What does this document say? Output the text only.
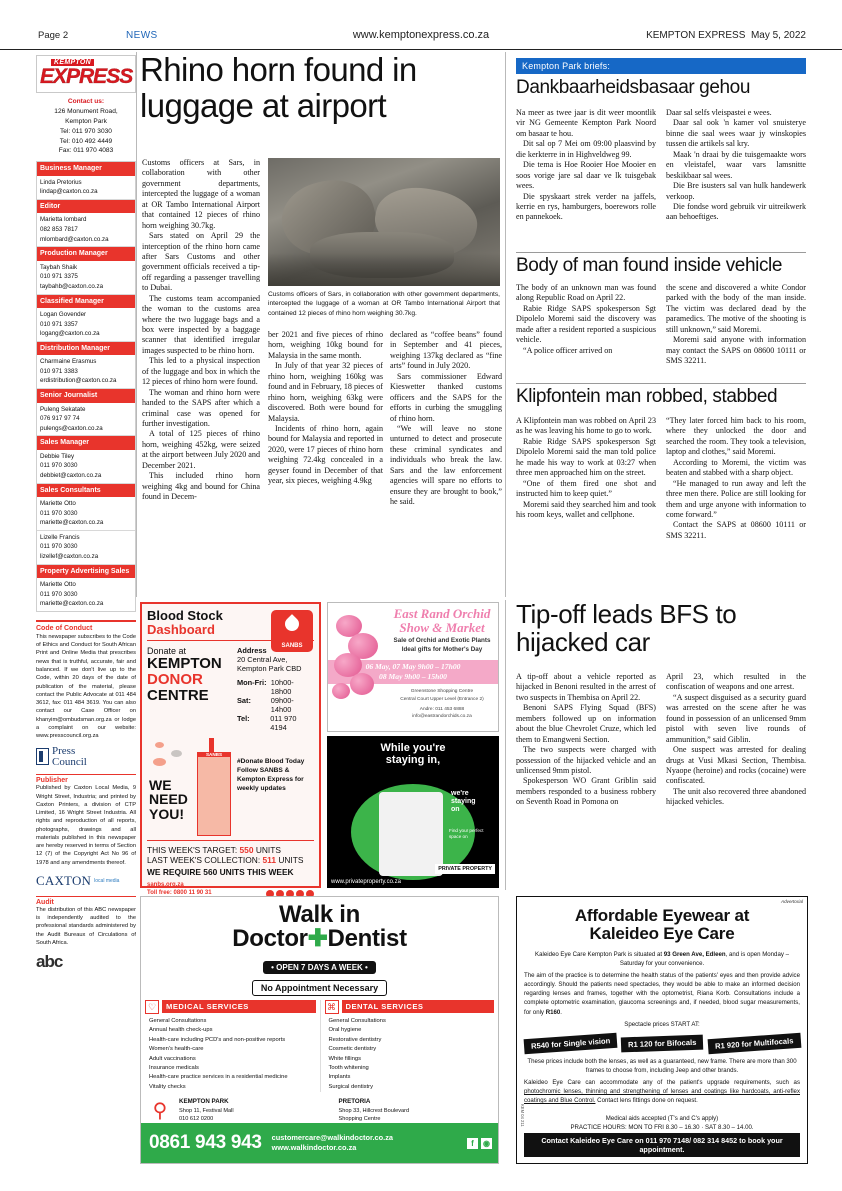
Page 2	NEWS	www.kemptonexpress.co.za	KEMPTON EXPRESS May 5, 2022
KEMPTON
EXPRESS
Contact us:
126 Monument Road,
Kempton Park
Tel: 011 970 3030
Tel: 010 492 4449
Fax: 011 970 4083
Business Manager
Linda Pretorius
lindap@caxton.co.za
Editor
Marietta lombard
082 853 7817
mlombard@caxton.co.za
Production Manager
Taybah Shaik
010 971 3375
taybahb@caxton.co.za
Classified Manager
Logan Govender
010 971 3357
logang@caxton.co.za
Distribution Manager
Charmaine Erasmus
010 971 3383
erdistribution@caxton.co.za
Senior Journalist
Puleng Sekatate
076 917 97 74
pulengs@caxton.co.za
Sales Manager
Debbie Tiley
011 970 3030
debbiet@caxton.co.za
Sales Consultants
Mariette Otto
011 970 3030
mariette@caxton.co.za
Lizelle Francis
011 970 3030
lizellef@caxton.co.za
Property Advertising Sales
Mariette Otto
011 970 3030
mariette@caxton.co.za
Code of Conduct
This newspaper subscribes to the Code of Ethics and Conduct for South African Print and Online Media that prescribes news that is truthful, accurate, fair and balanced. If we don't live up to the Code, within 20 days of the date of publication of the material, please contact the Public Advocate at 011 484 3612, fax: 011 484 3619. You can also contact our Case Officer on khanyim@ombudsman.org.za or lodge a complaint on our website: www.presscouncil.org.za
Press
Council
Publisher
Published by Caxton Local Media, 9 Wright Street, Industria; and printed by Caxton Printers, a division of CTP Limited, 16 Wright Street Industria. All rights and reproduction of all reports, photographs, drawings and all materials published in this newspaper are hereby reserved in terms of Section 12 (7) of the Copyright Act No 96 of 1978 and any amendments thereof.
CAXTON local media
Audit
The distribution of this ABC newspaper is independently audited to the professional standards administered by the Audit Bureaux of Circulations of South Africa.
abc
Rhino horn found in luggage at airport

Customs officers at Sars, in collaboration with other government departments, intercepted the luggage of a woman at OR Tambo International Airport that contained 12 pieces of rhino horn weighing 30.7kg.

Sars stated on April 29 the interception of the rhino horn came after Sars Customs and other government officials received a tip-off regarding a passenger travelling to Dubai.

The customs team accompanied the woman to the customs area where the two luggage bags and a box were inspected by a baggage scanner that identified irregular images suspected to be rhino horn.

This led to a physical inspection of the luggage and box in which the 12 pieces of rhino horn were found.

The woman and rhino horn were handed to the SAPS after which a criminal case was opened for further investigation.

A total of 125 pieces of rhino horn, weighing 452kg, were seized at the airport between July 2020 and December 2021.

This included rhino horn weighing 4kg and bound for China found in Decem-

Customs officers of Sars, in collaboration with other government departments, intercepted the luggage of a woman at OR Tambo International Airport that contained 12 pieces of rhino horn weighing 30.7kg.

ber 2021 and five pieces of rhino horn, weighing 10kg bound for Malaysia in the same month.

In July of that year 32 pieces of rhino horn, weighing 160kg was found and in February, 18 pieces of rhino horn, weighing 63kg were discovered. Both were bound for Malaysia.

Incidents of rhino horn, again bound for Malaysia and reported in 2020, were 17 pieces of rhino horn weighing 72.4kg concealed in a geyser found in December of that year, six pieces, weighing 4.9kg

declared as “coffee beans” found in September and 41 pieces, weighing 137kg declared as “fine arts” found in July 2020.

Sars commissioner Edward Kieswetter thanked customs officers and the SAPS for the efforts in curbing the smuggling of rhino horn.

“We will leave no stone unturned to detect and prosecute these criminal syndicates and individuals who break the law. Sars and the law enforcement agencies will spare no efforts to ensure they are brought to book,” he said.

Kempton Park briefs:
Dankbaarheidsbasaar gehou

Na meer as twee jaar is dit weer moontlik vir NG Gemeente Kempton Park Noord om basaar te hou.

Dit sal op 7 Mei om 09:00 plaasvind by die kerkterre in in Highveldweg 99.

Die tema is Hoe Rooier Hoe Mooier en soos vorige jare sal daar ve lk tuisgebak wees.

Die spyskaart strek verder na jaffels, kerrie en rys, hamburgers, boerewors rolle en pannekoek.

Daar sal selfs vleispastei e wees.

Daar sal ook 'n kamer vol snuisterye binne die saal wees waar jy winskopies tussen die artikels sal kry.

Maak 'n draai by die tuisgemaakte wors en vleistafel, waar vars lamsnitte beskikbaar sal wees.

Die Bre isusters sal van hulk handewerk verkoop.

Die fondse word gebruik vir uitreikwerk aan behoeftiges.

Body of man found inside vehicle

The body of an unknown man was found along Republic Road on April 22.

Rabie Ridge SAPS spokesperson Sgt Dipolelo Moremi said the discovery was made after a resident reported a suspicious vehicle.

“A police officer arrived on

the scene and discovered a white Condor parked with the body of the man inside. The victim was declared dead by the paramedics. The motive of the shooting is still unknown,” said Moremi.

Moremi said anyone with information may contact the SAPS on 08600 10111 or SMS 32211.

Klipfontein man robbed, stabbed

A Klipfontein man was robbed on April 23 as he was leaving his home to go to work.

Rabie Ridge SAPS spokesperson Sgt Dipolelo Moremi said the man told police he made his way to work at 03:27 when three men approached him on the street.

“One of them fired one shot and instructed him to keep quiet.”

Moremi said they searched him and took his room keys, wallet and cellphone.

“They later forced him back to his room, where they unlocked the door and searched the room. They took a television, laptop and clothes,” said Moremi.

According to Moremi, the victim was beaten and stabbed with a sharp object.

“He managed to run away and left the three men there. Police are still looking for them and urge anyone with information to come forward.”

Contact the SAPS at 08600 10111 or SMS 32211.

Tip-off leads BFS to hijacked car

A tip-off about a vehicle reported as hijacked in Benoni resulted in the arrest of two suspects in Thembisa on April 22.

Benoni SAPS Flying Squad (BFS) members followed up on information about the blue Chevrolet Cruze, which led them to Emangweni Section.

The two suspects were charged with possession of the hijacked vehicle and an unlicensed 9mm pistol.

Spokesperson WO Grant Griblin said members responded to a business robbery on Seventh Road in Pomona on

April 23, which resulted in the confiscation of weapons and one arrest.

“A suspect disguised as a security guard was arrested on the scene after he was found in possession of an unlicensed 9mm pistol with seven live rounds of ammunition,” said Giblin.

One suspect was arrested for dealing drugs at Vusi Mkasi Section, Thembisa. Nyaope (heroine) and rocks (cocaine) were confiscated.

The unit also recovered three abandoned hijacked vehicles.

SANBS
Blood Stock
Dashboard
Donate at
KEMPTON
DONOR
CENTRE
Address
20 Central Ave,
Kempton Park CBD
Mon-Fri: 10h00-18h00
Sat:	09h00-14h00
Tel:	011 970 4194
WE NEED YOU!
SANBS
#Donate Blood Today
Follow SANBS &
Kempton Express for
weekly updates
THIS WEEK'S TARGET: 550 UNITS
LAST WEEK'S COLLECTION: 511 UNITS
WE REQUIRE 560 UNITS THIS WEEK
sanbs.org.za
Toll free: 0800 11 90 31
East Rand Orchid
Show & Market
Sale of Orchid and Exotic Plants
Ideal gifts for Mother's Day
06 May, 07 May 9h00 – 17h00
08 May 9h00 – 15h00
Greenstone Shopping Centre
Central Court Upper Level (Entrance 2)
Andre: 011 453 6888
info@eastrandorchids.co.za
While you're
staying in,
we're
staying
on
Find your perfect space on
PRIVATE PROPERTY
www.privateproperty.co.za
Walk in
Doctor✚Dentist
• OPEN 7 DAYS A WEEK •
No Appointment Necessary
♡	MEDICAL SERVICES
General Consultations
Annual health check-ups
Health-care including PCD's and non-positive reports
Women's health-care
Adult vaccinations
Insurance medicals
Health-care practice services in a residential medicine
Vitality checks
⌘	DENTAL SERVICES
General Consultations
Oral hygiene
Restorative dentistry
Cosmetic dentistry
White fillings
Tooth whitening
Implants
Surgical dentistry
⚲	KEMPTON PARK
Shop 11, Festival Mall
010 612 0200
PRETORIA
Shop 33, Hillcrest Boulevard
Shopping Centre
0861 943 943 customercare@walkindoctor.co.za
www.walkindoctor.co.za	f	◉
Advertorial
KEM 04 211
Affordable Eyewear at
Kaleideo Eye Care
Kaleideo Eye Care Kempton Park is situated at 93 Green Ave, Edleen, and is open Monday – Saturday for your convenience.
The aim of the practice is to determine the health status of the patients' eyes and then provide advice accordingly. Should the patients need spectacles, they would be able to make an informed decision regarding lenses and frames, together with the optometrist, Riana Korb. Consultations include a complete optometric examination, glaucoma screenings and, if needed, blood sugar measurements, for only R160.
Spectacle prices START AT:
R540 for Single vision	R1 120 for Bifocals	R1 920 for Multifocals
These prices include both the lenses, as well as a guaranteed, new frame. There are more than 300 frames to choose from, including Jeep and other brands.
Kaleideo Eye Care can accommodate any of the patient's upgrade requirements, such as photochromic lenses, thinning and strengthening of lenses and coatings like hardcoats, anti-reflex coatings and Blue Control. Contact lens fittings done on request.
Medical aids accepted (T's and C's apply)
PRACTICE HOURS: MON TO FRI 8.30 – 16.30 · SAT 8.30 – 14.00.
Contact Kaleideo Eye Care on 011 970 7148/ 082 314 8452 to book your appointment.
